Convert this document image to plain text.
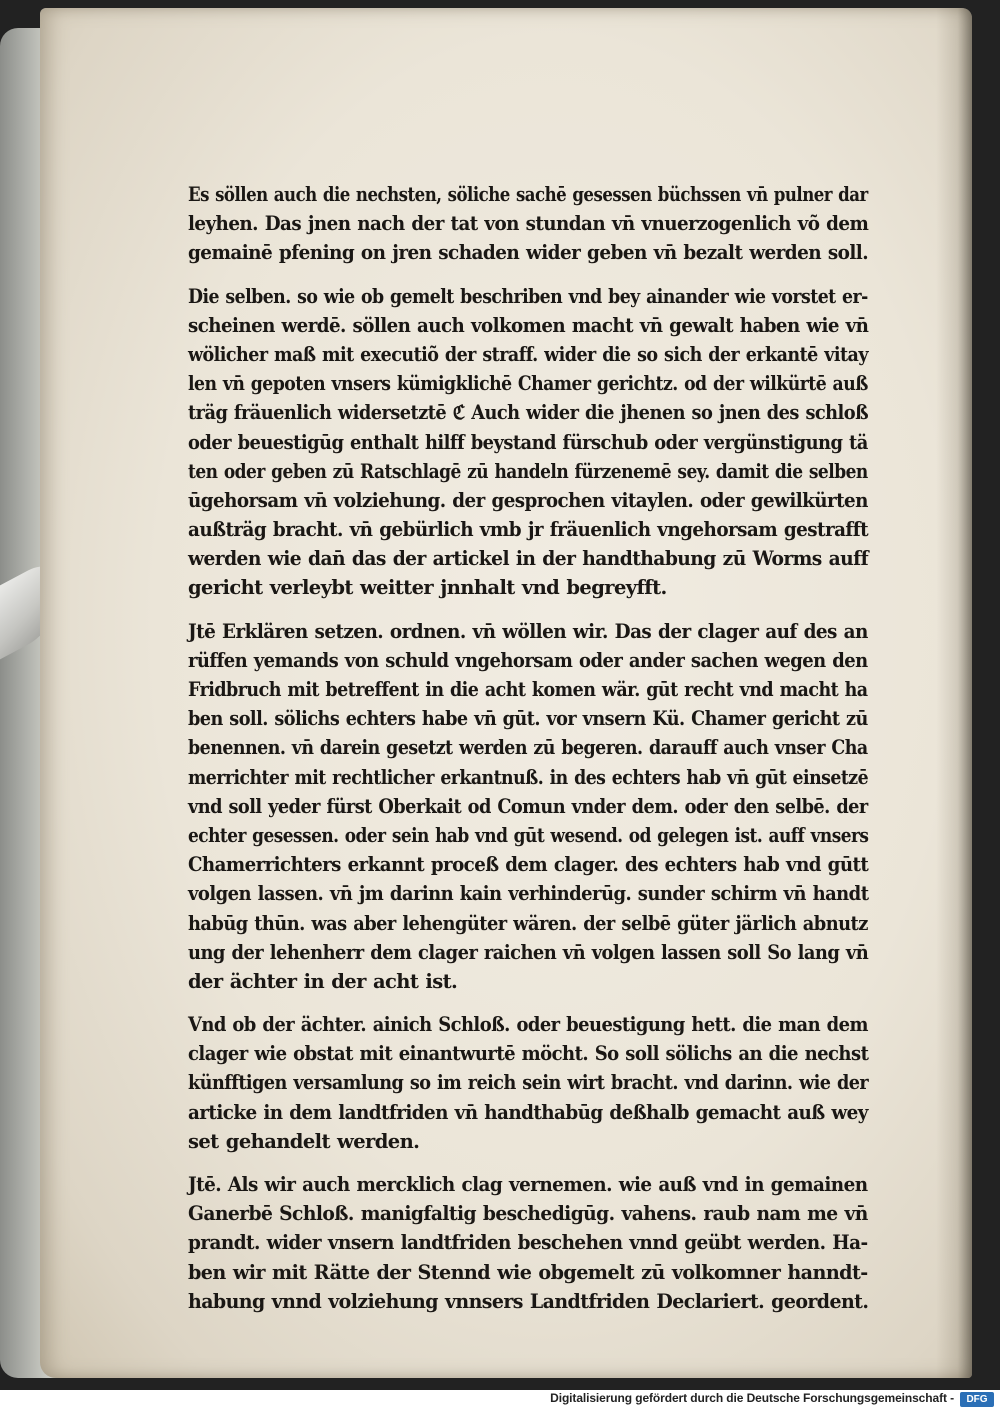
Es söllen auch die nechsten, söliche sachē gesessen büchssen vn̄ pulner dar
leyhen. Das jnen nach der tat von stundan vn̄ vnuerzogenlich võ dem
gemainē pfening on jren schaden wider geben vn̄ bezalt werden soll.
Die selben. so wie ob gemelt beschriben vnd bey ainander wie vorstet er-
scheinen werdē. söllen auch volkomen macht vn̄ gewalt haben wie vn̄
wölicher maß mit executiõ der straff. wider die so sich der erkantē vitay
len vn̄ gepoten vnsers kümigklichē Chamer gerichtz. od der wilkürtē auß
träg fräuenlich widersetztē ℭ Auch wider die jhenen so jnen des schloß
oder beuestigūg enthalt hilff beystand fürschub oder vergünstigung tä
ten oder geben zū Ratschlagē zū handeln fürzenemē sey. damit die selben
ūgehorsam vn̄ volziehung. der gesprochen vitaylen. oder gewilkürten
außträg bracht. vn̄ gebürlich vmb jr fräuenlich vngehorsam gestrafft
werden wie dan̄ das der artickel in der handthabung zū Worms auff
gericht verleybt weitter jnnhalt vnd begreyfft.
Jtē Erklären setzen. ordnen. vn̄ wöllen wir. Das der clager auf des an
rüffen yemands von schuld vngehorsam oder ander sachen wegen den
Fridbruch mit betreffent in die acht komen wär. gūt recht vnd macht ha
ben soll. sölichs echters habe vn̄ gūt. vor vnsern Kü. Chamer gericht zū
benennen. vn̄ darein gesetzt werden zū begeren. darauff auch vnser Cha
merrichter mit rechtlicher erkantnuß. in des echters hab vn̄ gūt einsetzē
vnd soll yeder fürst Oberkait od Comun vnder dem. oder den selbē. der
echter gesessen. oder sein hab vnd gūt wesend. od gelegen ist. auff vnsers
Chamerrichters erkannt proceß dem clager. des echters hab vnd gūtt
volgen lassen. vn̄ jm darinn kain verhinderūg. sunder schirm vn̄ handt
habūg thūn. was aber lehengüter wären. der selbē güter järlich abnutz
ung der lehenherr dem clager raichen vn̄ volgen lassen soll So lang vn̄
der ächter in der acht ist.
Vnd ob der ächter. ainich Schloß. oder beuestigung hett. die man dem
clager wie obstat mit einantwurtē möcht. So soll sölichs an die nechst
künfftigen versamlung so im reich sein wirt bracht. vnd darinn. wie der
articke in dem landtfriden vn̄ handthabūg deßhalb gemacht auß wey
set gehandelt werden.
Jtē. Als wir auch mercklich clag vernemen. wie auß vnd in gemainen
Ganerbē Schloß. manigfaltig beschedigūg. vahens. raub nam me vn̄
prandt. wider vnsern landtfriden beschehen vnnd geübt werden. Ha-
ben wir mit Rätte der Stennd wie obgemelt zū volkomner hanndt-
habung vnnd volziehung vnnsers Landtfriden Declariert. geordent.
Digitalisierung gefördert durch die Deutsche Forschungsgemeinschaft -	DFG
